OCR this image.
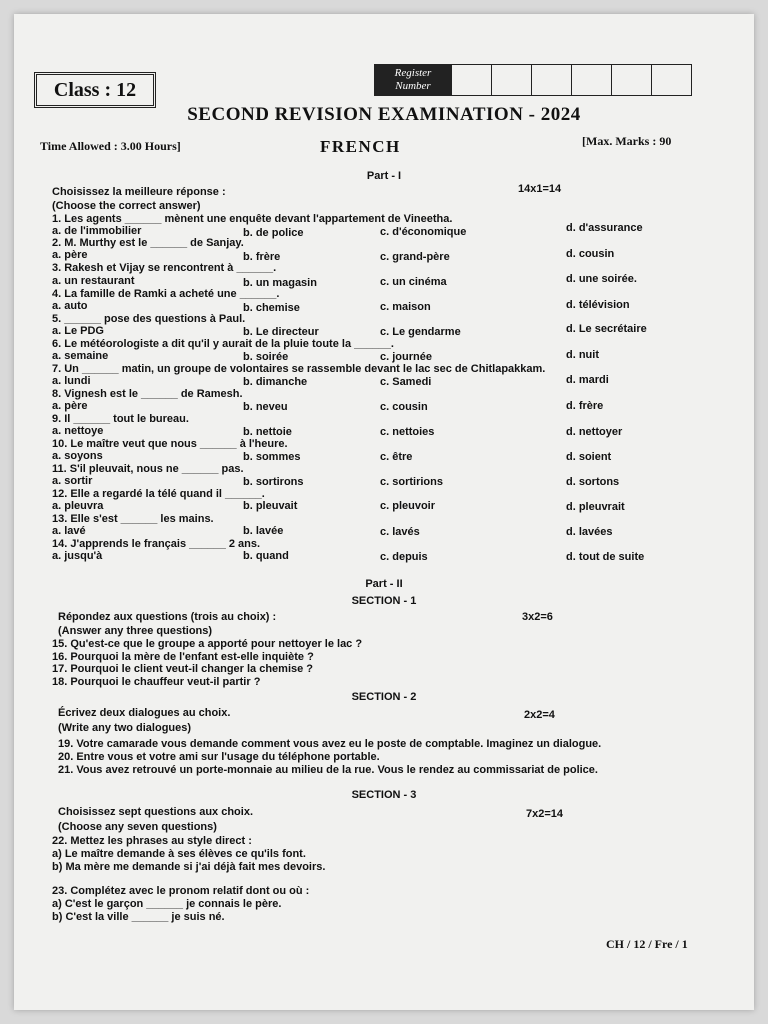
Class : 12
Register
Number
SECOND REVISION EXAMINATION - 2024
Time Allowed : 3.00 Hours]	FRENCH	[Max. Marks : 90
Part - I
Choisissez la meilleure réponse :	14x1=14
(Choose the correct answer)
1. Les agents ______ mènent une enquête devant l'appartement de Vineetha.
a. de l'immobilier	b. de police	c. d'économique	d. d'assurance
2. M. Murthy est le ______ de Sanjay.
a. père	b. frère	c. grand-père	d. cousin
3. Rakesh et Vijay se rencontrent à ______.
a. un restaurant	b. un magasin	c. un cinéma	d. une soirée.
4. La famille de Ramki a acheté une ______.
a. auto	b. chemise	c. maison	d. télévision
5. ______ pose des questions à Paul.
a. Le PDG	b. Le directeur	c. Le gendarme	d. Le secrétaire
6. Le météorologiste a dit qu'il y aurait de la pluie toute la ______.
a. semaine	b. soirée	c. journée	d. nuit
7. Un ______ matin, un groupe de volontaires se rassemble devant le lac sec de Chitlapakkam.
a. lundi	b. dimanche	c. Samedi	d. mardi
8. Vignesh est le ______ de Ramesh.
a. père	b. neveu	c. cousin	d. frère
9. Il ______ tout le bureau.
a. nettoye	b. nettoie	c. nettoies	d. nettoyer
10. Le maître veut que nous ______ à l'heure.
a. soyons	b. sommes	c. être	d. soient
11. S'il pleuvait, nous ne ______ pas.
a. sortir	b. sortirons	c. sortirions	d. sortons
12. Elle a regardé la télé quand il ______.
a. pleuvra	b. pleuvait	c. pleuvoir	d. pleuvrait
13. Elle s'est ______ les mains.
a. lavé	b. lavée	c. lavés	d. lavées
14. J'apprends le français ______ 2 ans.
a. jusqu'à	b. quand	c. depuis	d. tout de suite
Part - II
SECTION - 1
Répondez aux questions (trois au choix) :	3x2=6
(Answer any three questions)
15. Qu'est-ce que le groupe a apporté pour nettoyer le lac ?
16. Pourquoi la mère de l'enfant est-elle inquiète ?
17. Pourquoi le client veut-il changer la chemise ?
18. Pourquoi le chauffeur veut-il partir ?
SECTION - 2
Écrivez deux dialogues au choix.	2x2=4
(Write any two dialogues)
19. Votre camarade vous demande comment vous avez eu le poste de comptable. Imaginez un dialogue.
20. Entre vous et votre ami sur l'usage du téléphone portable.
21. Vous avez retrouvé un porte-monnaie au milieu de la rue. Vous le rendez au commissariat de police.
SECTION - 3
Choisissez sept questions aux choix.	7x2=14
(Choose any seven questions)
22. Mettez les phrases au style direct :
a) Le maître demande à ses élèves ce qu'ils font.
b) Ma mère me demande si j'ai déjà fait mes devoirs.
23. Complétez avec le pronom relatif dont ou où :
a) C'est le garçon ______ je connais le père.
b) C'est la ville ______ je suis né.
CH / 12 / Fre / 1
